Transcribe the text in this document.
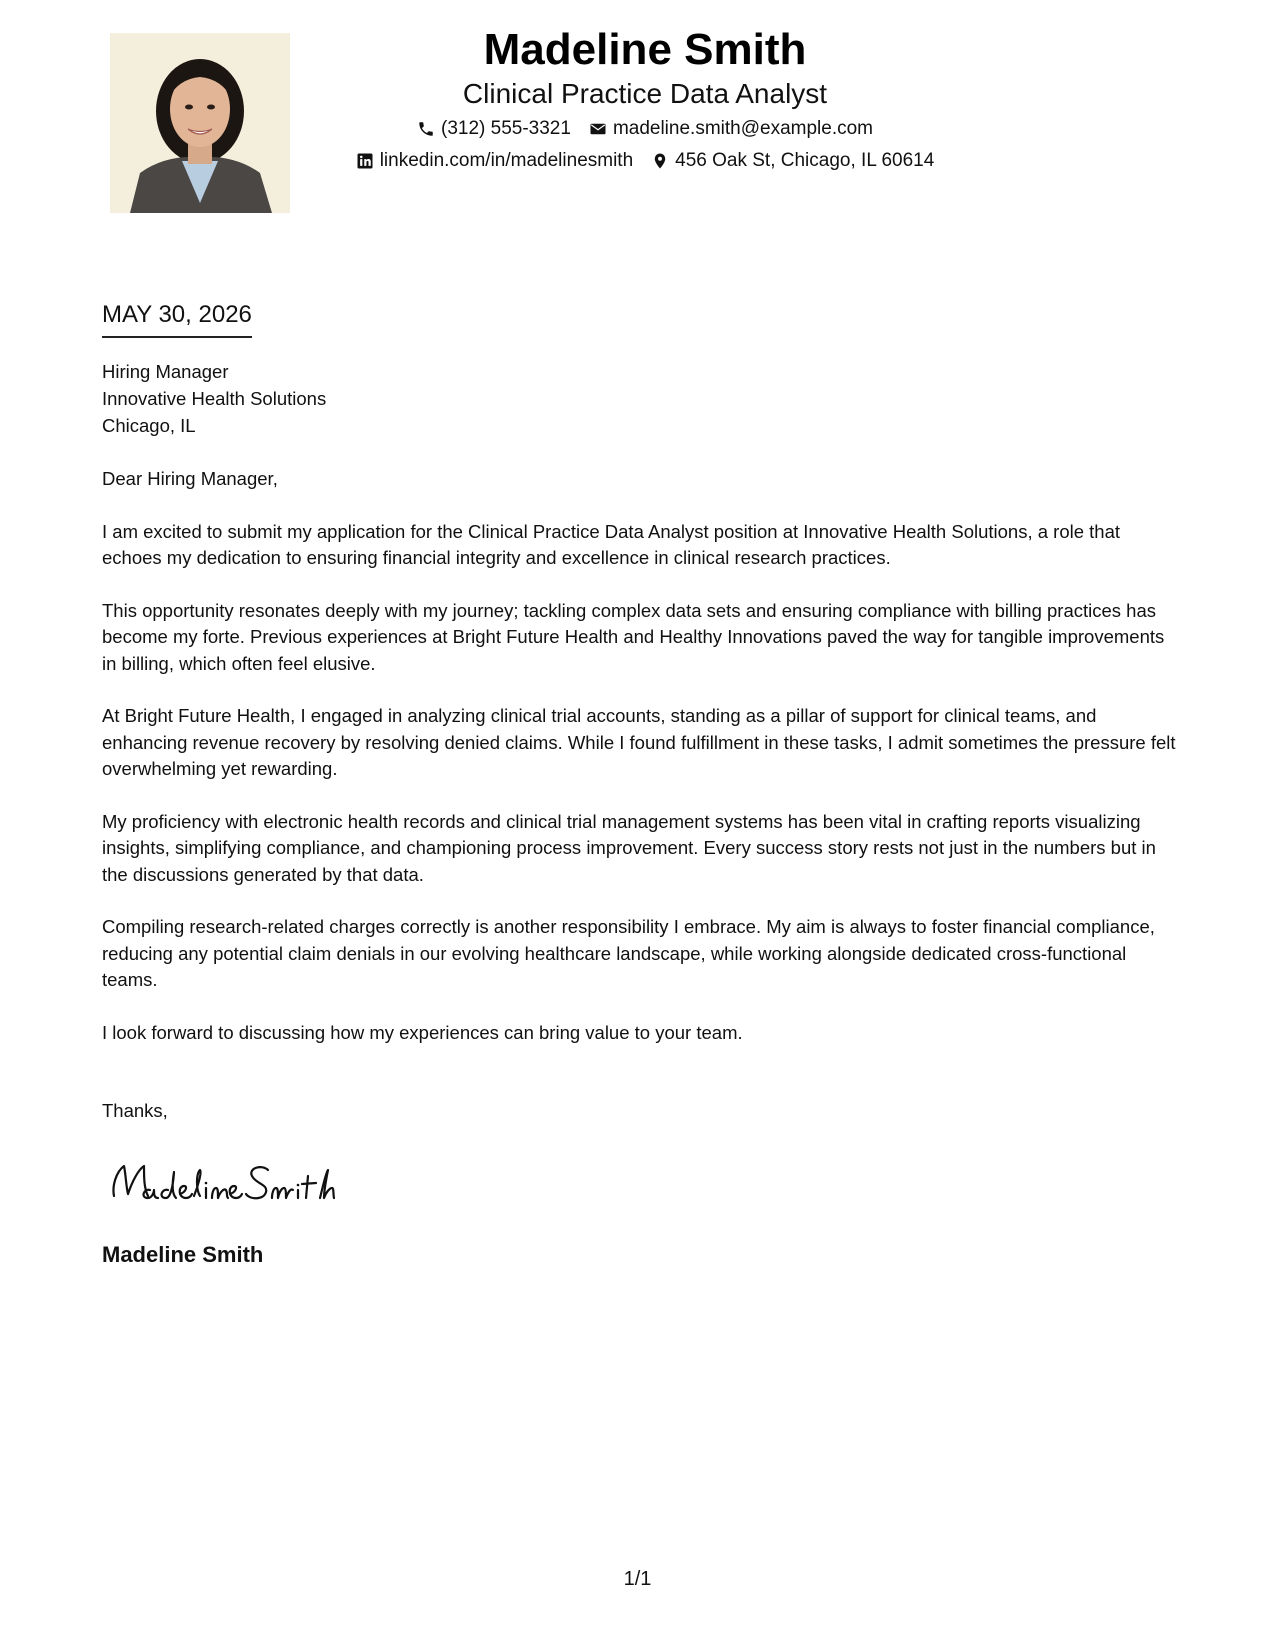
Madeline Smith
Clinical Practice Data Analyst
(312) 555-3321 madeline.smith@example.com
linkedin.com/in/madelinesmith 456 Oak St, Chicago, IL 60614
MAY 30, 2026
Hiring Manager
Innovative Health Solutions
Chicago, IL

Dear Hiring Manager,

I am excited to submit my application for the Clinical Practice Data Analyst position at Innovative Health Solutions, a role that echoes my dedication to ensuring financial integrity and excellence in clinical research practices.

This opportunity resonates deeply with my journey; tackling complex data sets and ensuring compliance with billing practices has become my forte. Previous experiences at Bright Future Health and Healthy Innovations paved the way for tangible improvements in billing, which often feel elusive.

At Bright Future Health, I engaged in analyzing clinical trial accounts, standing as a pillar of support for clinical teams, and enhancing revenue recovery by resolving denied claims. While I found fulfillment in these tasks, I admit sometimes the pressure felt overwhelming yet rewarding.

My proficiency with electronic health records and clinical trial management systems has been vital in crafting reports visualizing insights, simplifying compliance, and championing process improvement. Every success story rests not just in the numbers but in the discussions generated by that data.

Compiling research-related charges correctly is another responsibility I embrace. My aim is always to foster financial compliance, reducing any potential claim denials in our evolving healthcare landscape, while working alongside dedicated cross-functional teams.

I look forward to discussing how my experiences can bring value to your team.

Thanks,
Madeline Smith
1/1
